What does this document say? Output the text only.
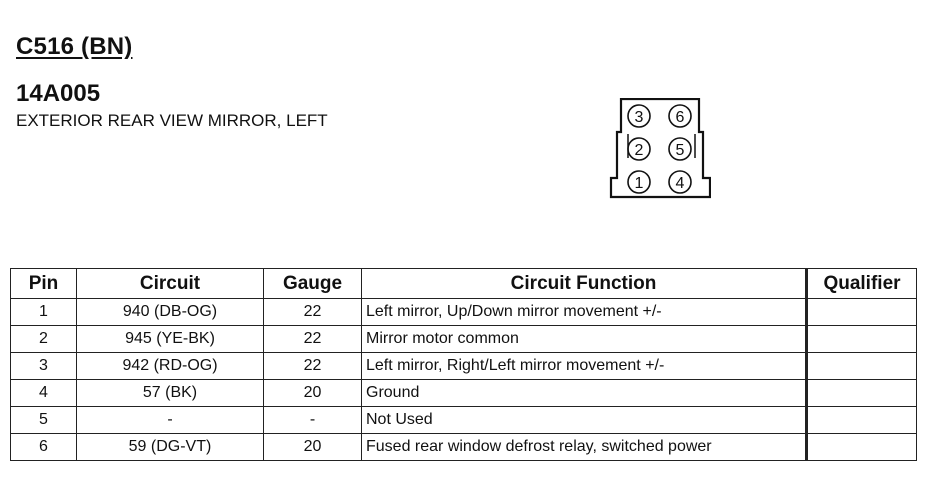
C516 (BN)
14A005
EXTERIOR REAR VIEW MIRROR, LEFT	3 6
2 5
1 4
Pin	Circuit	Gauge	Circuit Function	Qualifier
1	940 (DB-OG)	22	Left mirror, Up/Down mirror movement +/-	
2	945 (YE-BK)	22	Mirror motor common	
3	942 (RD-OG)	22	Left mirror, Right/Left mirror movement +/-	
4	57 (BK)	20	Ground	
5	-	-	Not Used	
6	59 (DG-VT)	20	Fused rear window defrost relay, switched power	
